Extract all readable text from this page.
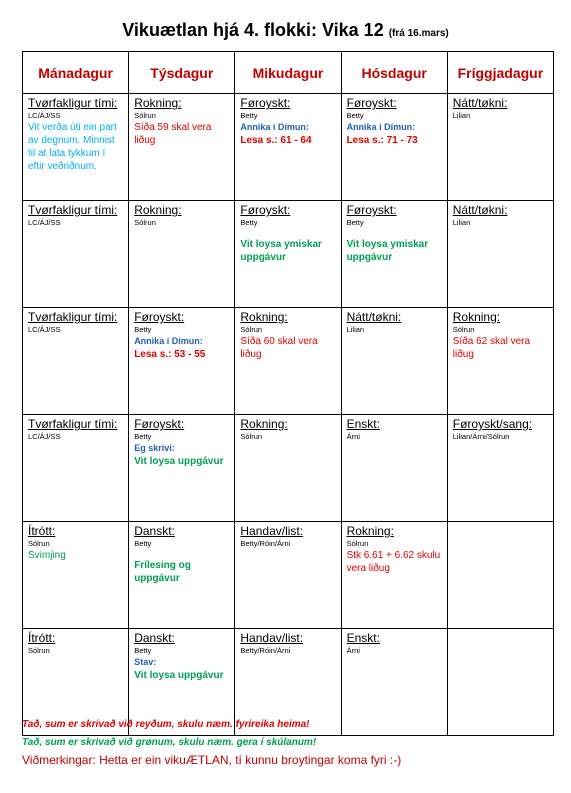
Vikuætlan hjá 4. flokki: Vika 12 (frá 16.mars)
Mánadagur	Týsdagur	Mikudagur	Hósdagur	Fríggjadagur

Tvørfakligur tími:
LC/ÁJ/SS
Vit verða úti ein part av degnum. Minnist til at lata tykkum í eftir veðriðnum.	Rokning:
Sólrun
Síða 59 skal vera liðug	Føroyskt:
Betty
Annika í Dímun:
Lesa s.: 61 - 64	Føroyskt:
Betty
Annika í Dímun:
Lesa s.: 71 - 73	Nátt/tøkni:
Lilian

Tvørfakligur tími:
LC/ÁJ/SS	Rokning:
Sólrun	Føroyskt:
Betty
Vit loysa ymiskar uppgávur	Føroyskt:
Betty
Vit loysa ymiskar uppgávur	Nátt/tøkni:
Lilian

Tvørfakligur tími:
LC/ÁJ/SS	Føroyskt:
Betty
Annika í Dímun:
Lesa s.: 53 - 55	Rokning:
Sólrun
Síða 60 skal vera liðug	Nátt/tøkni:
Lilian	Rokning:
Sólrun
Síða 62 skal vera liðug

Tvørfakligur tími:
LC/ÁJ/SS	Føroyskt:
Betty
Eg skrivi:
Vit loysa uppgávur	Rokning:
Sólrun	Enskt:
Árni	Føroyskt/sang:
Lilian/Árni/Sólrun

Ítrótt:
Sólrun
Svimjing	Danskt:
Betty
Frílesing og uppgávur	Handav/list:
Betty/Róin/Árni	Rokning:
Sólrun
Stk 6.61 + 6.62 skulu vera liðug	

Ítrótt:
Sólrun	Danskt:
Betty
Stav:
Vit loysa uppgávur	Handav/list:
Betty/Róin/Árni	Enskt:
Árni	

Tað, sum er skrivað við reyðum, skulu næm. fyrireika heima!
Tað, sum er skrivað við grønum, skulu næm. gera í skúlanum!
Viðmerkingar: Hetta er ein vikuÆTLAN, tí kunnu broytingar koma fyri :-)
